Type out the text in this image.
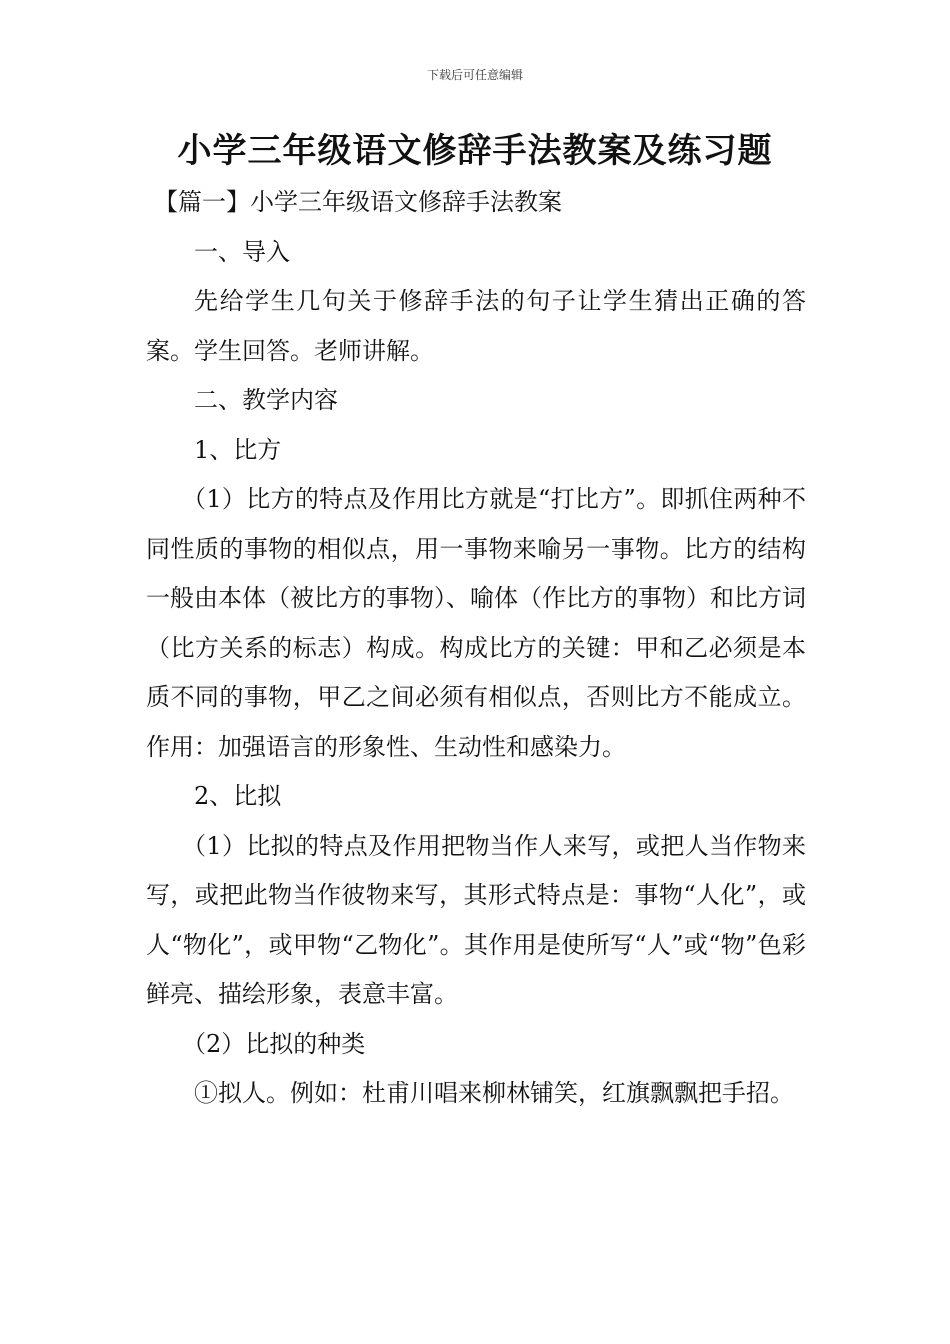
下载后可任意编辑
小学三年级语文修辞手法教案及练习题

【篇一】小学三年级语文修辞手法教案

一、导入

先给学生几句关于修辞手法的句子让学生猜出正确的答案。学生回答。老师讲解。

二、教学内容

1、比方

（1）比方的特点及作用比方就是“打比方”。即抓住两种不同性质的事物的相似点，用一事物来喻另一事物。比方的结构一般由本体（被比方的事物）、喻体（作比方的事物）和比方词（比方关系的标志）构成。构成比方的关键：甲和乙必须是本质不同的事物，甲乙之间必须有相似点，否则比方不能成立。作用：加强语言的形象性、生动性和感染力。

2、比拟

（1）比拟的特点及作用把物当作人来写，或把人当作物来写，或把此物当作彼物来写，其形式特点是：事物“人化”，或人“物化”，或甲物“乙物化”。其作用是使所写“人”或“物”色彩鲜亮、描绘形象，表意丰富。

（2）比拟的种类

①拟人。例如：杜甫川唱来柳林铺笑，红旗飘飘把手招。
